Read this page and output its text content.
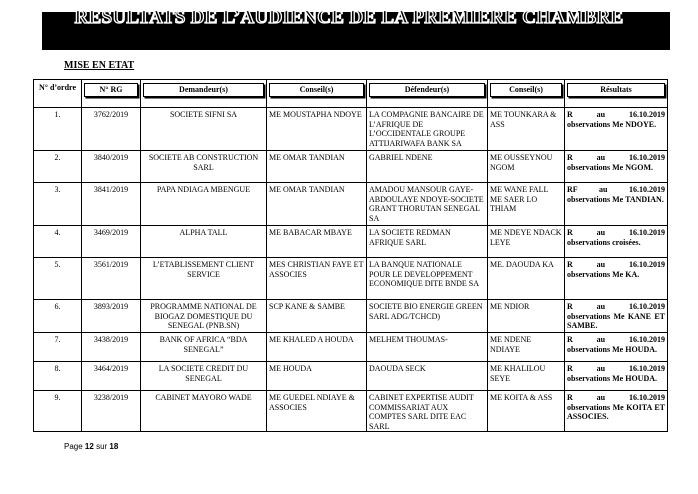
RESULTATS DE L’AUDIENCE DE LA PREMIERE CHAMBRE
MISE EN ETAT
N° d’ordre	N° RG	Demandeur(s)	Conseil(s)	Défendeur(s)	Conseil(s)	Résultats

1.	3762/2019	SOCIETE SIFNI SA	ME MOUSTAPHA NDOYE	LA COMPAGNIE BANCAIRE DE L’AFRIQUE DE L’OCCIDENTALE GROUPE ATTIJARIWAFA BANK SA	ME TOUNKARA & ASS	R au 16.10.2019 observations Me NDOYE.
2.	3840/2019	SOCIETE AB CONSTRUCTION SARL	ME OMAR TANDIAN	GABRIEL NDENE	ME OUSSEYNOU NGOM	R au 16.10.2019 observations Me NGOM.
3.	3841/2019	PAPA NDIAGA MBENGUE	ME OMAR TANDIAN	AMADOU MANSOUR GAYE-ABDOULAYE NDOYE-SOCIETE GRANT THORUTAN SENEGAL SA	ME WANE FALL ME SAER LO THIAM	RF au 16.10.2019 observations Me TANDIAN.
4.	3469/2019	ALPHA TALL	ME BABACAR MBAYE	LA SOCIETE REDMAN AFRIQUE SARL	ME NDEYE NDACK LEYE	R au 16.10.2019 observations croisées.
5.	3561/2019	L’ETABLISSEMENT CLIENT SERVICE	MES CHRISTIAN FAYE ET ASSOCIES	LA BANQUE NATIONALE POUR LE DEVELOPPEMENT ECONOMIQUE DITE BNDE SA	ME. DAOUDA KA	R au 16.10.2019 observations Me KA.
6.	3893/2019	PROGRAMME NATIONAL DE BIOGAZ DOMESTIQUE DU SENEGAL (PNB.SN)	SCP KANE & SAMBE	SOCIETE BIO ENERGIE GREEN SARL ADG/TCHCD)	ME NDIOR	R au 16.10.2019 observations Me KANE ET SAMBE.
7.	3438/2019	BANK OF AFRICA “BDA SENEGAL”	ME KHALED A HOUDA	MELHEM THOUMAS-	ME NDENE NDIAYE	R au 16.10.2019 observations Me HOUDA.
8.	3464/2019	LA SOCIETE CREDIT DU SENEGAL	ME HOUDA	DAOUDA SECK	ME KHALILOU SEYE	R au 16.10.2019 observations Me HOUDA.
9.	3238/2019	CABINET MAYORO WADE	ME GUEDEL NDIAYE & ASSOCIES	CABINET EXPERTISE AUDIT COMMISSARIAT AUX COMPTES SARL DITE EAC SARL	ME KOITA & ASS	R au 16.10.2019 observations Me KOITA ET ASSOCIES.
Page 12 sur 18
